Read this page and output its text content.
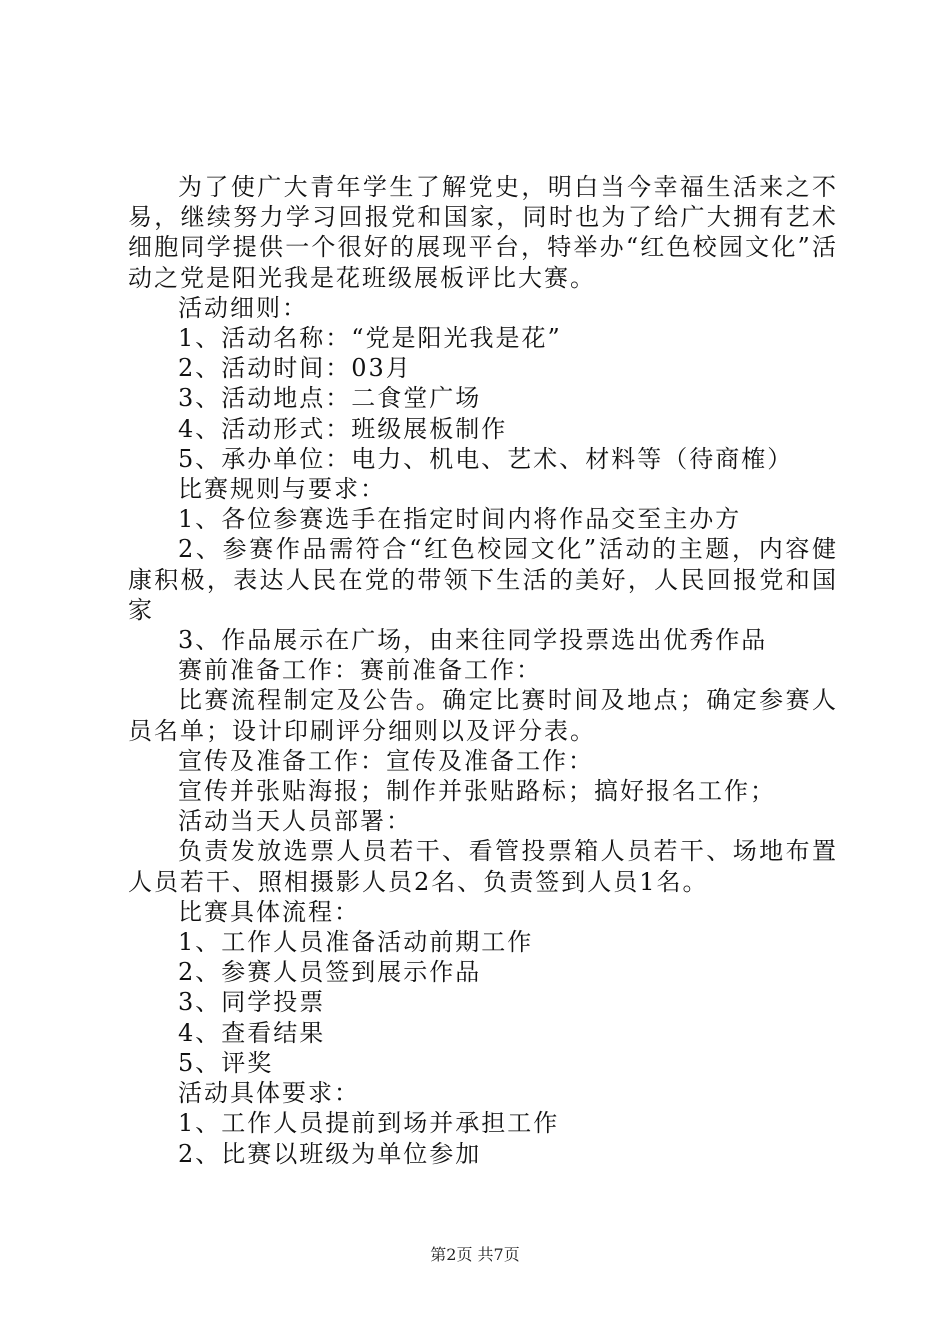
为了使广大青年学生了解党史，明白当今幸福生活来之不易，继续努力学习回报党和国家，同时也为了给广大拥有艺术细胞同学提供一个很好的展现平台，特举办“红色校园文化”活动之党是阳光我是花班级展板评比大赛。

活动细则：

1、活动名称：“党是阳光我是花”

2、活动时间：03月

3、活动地点：二食堂广场

4、活动形式：班级展板制作

5、承办单位：电力、机电、艺术、材料等（待商榷）

比赛规则与要求：

1、各位参赛选手在指定时间内将作品交至主办方

2、参赛作品需符合“红色校园文化”活动的主题，内容健康积极，表达人民在党的带领下生活的美好，人民回报党和国家

3、作品展示在广场，由来往同学投票选出优秀作品

赛前准备工作：赛前准备工作：

比赛流程制定及公告。确定比赛时间及地点；确定参赛人员名单；设计印刷评分细则以及评分表。

宣传及准备工作：宣传及准备工作：

宣传并张贴海报；制作并张贴路标；搞好报名工作；

活动当天人员部署：

负责发放选票人员若干、看管投票箱人员若干、场地布置人员若干、照相摄影人员2名、负责签到人员1名。

比赛具体流程：

1、工作人员准备活动前期工作

2、参赛人员签到展示作品

3、同学投票

4、查看结果

5、评奖

活动具体要求：

1、工作人员提前到场并承担工作

2、比赛以班级为单位参加

第2页 共7页
